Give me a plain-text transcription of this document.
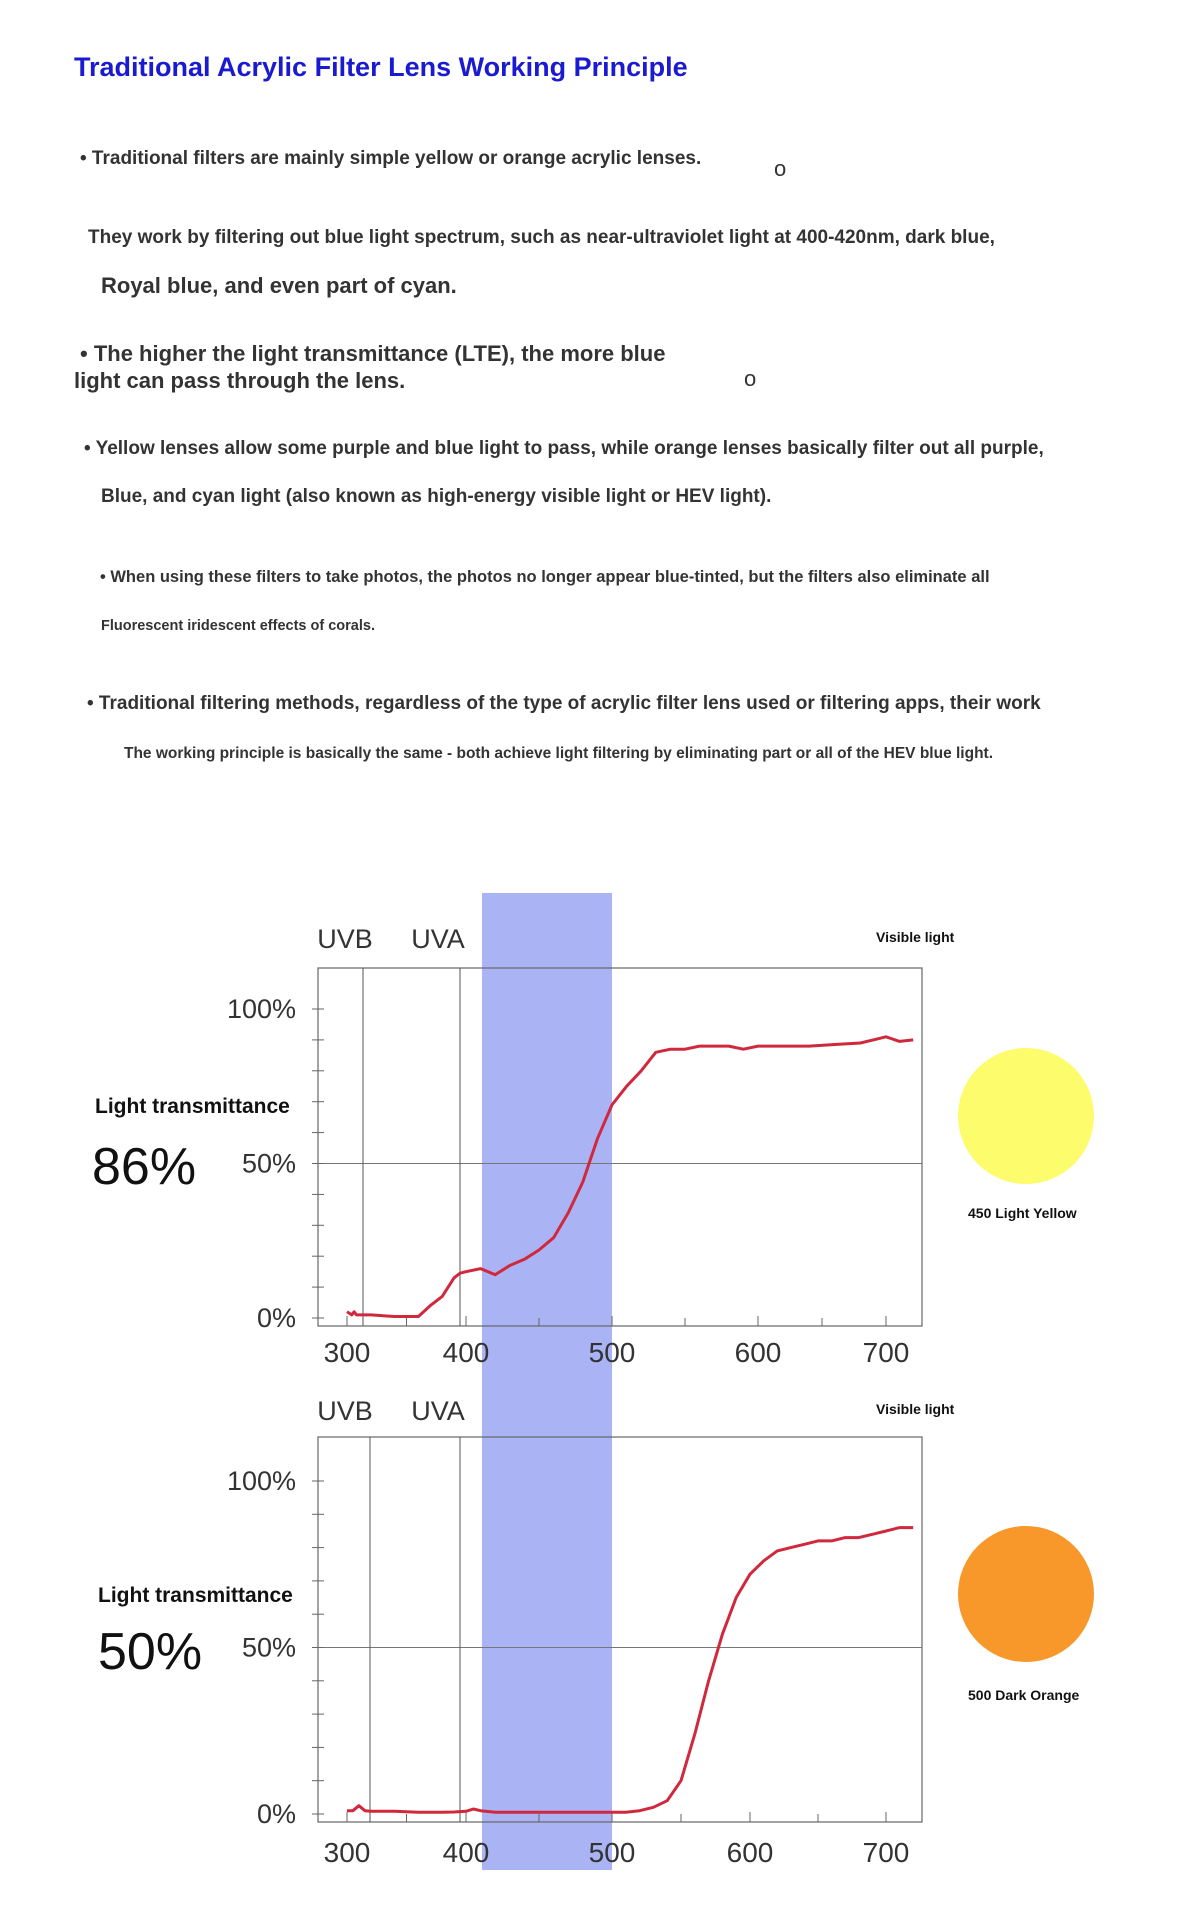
Traditional Acrylic Filter Lens Working Principle
• Traditional filters are mainly simple yellow or orange acrylic lenses.	o
They work by filtering out blue light spectrum, such as near-ultraviolet light at 400-420nm, dark blue,
Royal blue, and even part of cyan.
• The higher the light transmittance (LTE), the more blue
light can pass through the lens.	o
• Yellow lenses allow some purple and blue light to pass, while orange lenses basically filter out all purple,
Blue, and cyan light (also known as high-energy visible light or HEV light).
• When using these filters to take photos, the photos no longer appear blue-tinted, but the filters also eliminate all
Fluorescent iridescent effects of corals.
• Traditional filtering methods, regardless of the type of acrylic filter lens used or filtering apps, their work
The working principle is basically the same - both achieve light filtering by eliminating part or all of the HEV blue light.
0%
50%
100%
300	400	500	600	700
UVB UVA	Visible light
0%
50%
100%
300	400	500	600	700
UVB UVA	Visible light
Light transmittance
86%
450 Light Yellow
Light transmittance
50%
500 Dark Orange
